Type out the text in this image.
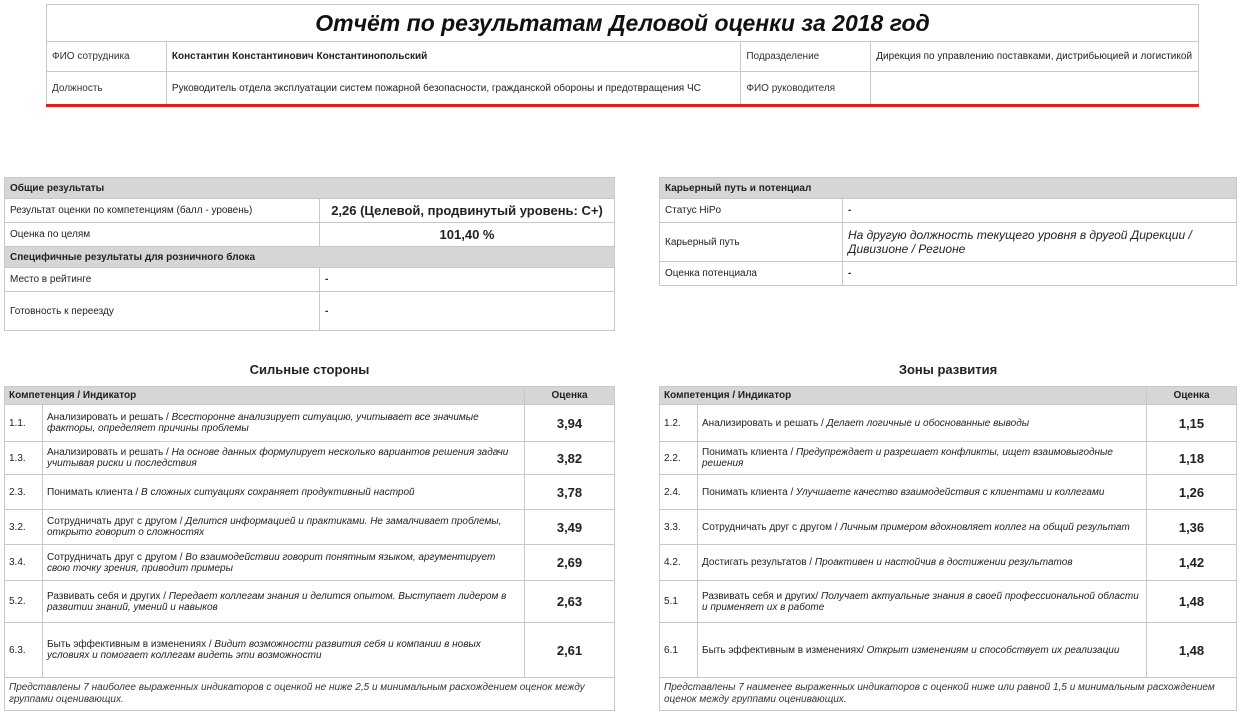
Отчёт по результатам Деловой оценки за 2018 год			
ФИО сотрудника	Константин Константинович Константинопольский	Подразделение	Дирекция по управлению поставками, дистрибьюцией и логистикой
Должность	Руководитель отдела эксплуатации систем пожарной безопасности, гражданской обороны и предотвращения ЧС	ФИО руководителя	
Общие результаты	
Результат оценки по компетенциям (балл - уровень)	2,26 (Целевой, продвинутый уровень: С+)
Оценка по целям	101,40 %
Специфичные результаты для розничного блока	
Место в рейтинге	-
Готовность к переезду	-
Карьерный путь и потенциал	
Статус HiPo	-
Карьерный путь	На другую должность текущего уровня в другой Дирекции / Дивизионе / Регионе
Оценка потенциала	-
Сильные стороны	Зоны развития
Компетенция / Индикатор		Оценка
1.1.	Анализировать и решать / Всесторонне анализирует ситуацию, учитывает все значимые факторы, определяет причины проблемы	3,94
1.3.	Анализировать и решать / На основе данных формулирует несколько вариантов решения задачи учитывая риски и последствия	3,82
2.3.	Понимать клиента / В сложных ситуациях сохраняет продуктивный настрой	3,78
3.2.	Сотрудничать друг с другом / Делится информацией и практиками. Не замалчивает проблемы, открыто говорит о сложностях	3,49
3.4.	Сотрудничать друг с другом / Во взаимодействии говорит понятным языком, аргументирует свою точку зрения, приводит примеры	2,69
5.2.	Развивать себя и других / Передает коллегам знания и делится опытом. Выступает лидером в развитии знаний, умений и навыков	2,63
6.3.	Быть эффективным в изменениях / Видит возможности развития себя и компании в новых условиях и помогает коллегам видеть эти возможности	2,61
Представлены 7 наиболее выраженных индикаторов с оценкой не ниже 2,5 и минимальным расхождением оценок между группами оценивающих.		
Компетенция / Индикатор		Оценка
1.2.	Анализировать и решать / Делает логичные и обоснованные выводы	1,15
2.2.	Понимать клиента / Предупреждает и разрешает конфликты, ищет взаимовыгодные решения	1,18
2.4.	Понимать клиента / Улучшаете качество взаимодействия с клиентами и коллегами	1,26
3.3.	Сотрудничать друг с другом / Личным примером вдохновляет коллег на общий результат	1,36
4.2.	Достигать результатов / Проактивен и настойчив в достижении результатов	1,42
5.1	Развивать себя и других/ Получает актуальные знания в своей профессиональной области и применяет их в работе	1,48
6.1	Быть эффективным в изменениях/ Открыт изменениям и способствует их реализации	1,48
Представлены 7 наименее выраженных индикаторов с оценкой ниже или равной 1,5 и минимальным расхождением оценок между группами оценивающих.		
